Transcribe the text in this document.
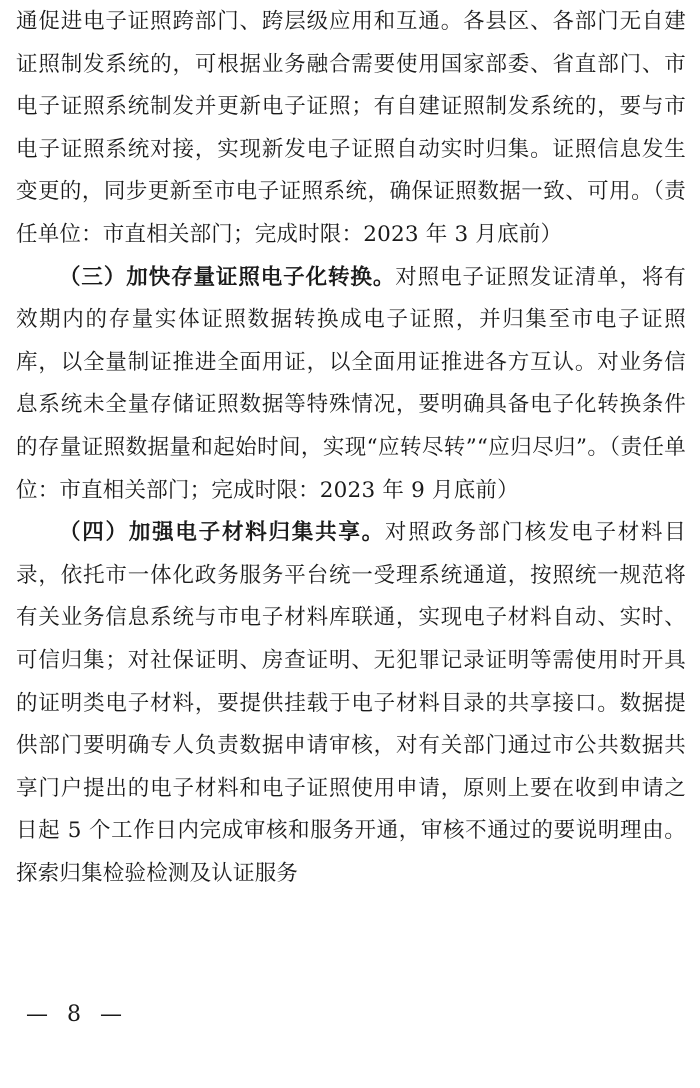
通促进电子证照跨部门、跨层级应用和互通。各县区、各部门无自建证照制发系统的，可根据业务融合需要使用国家部委、省直部门、市电子证照系统制发并更新电子证照；有自建证照制发系统的，要与市电子证照系统对接，实现新发电子证照自动实时归集。证照信息发生变更的，同步更新至市电子证照系统，确保证照数据一致、可用。（责任单位：市直相关部门；完成时限：2023 年 3 月底前）

（三）加快存量证照电子化转换。对照电子证照发证清单，将有效期内的存量实体证照数据转换成电子证照，并归集至市电子证照库，以全量制证推进全面用证，以全面用证推进各方互认。对业务信息系统未全量存储证照数据等特殊情况，要明确具备电子化转换条件的存量证照数据量和起始时间，实现“应转尽转”“应归尽归”。（责任单位：市直相关部门；完成时限：2023 年 9 月底前）

（四）加强电子材料归集共享。对照政务部门核发电子材料目录，依托市一体化政务服务平台统一受理系统通道，按照统一规范将有关业务信息系统与市电子材料库联通，实现电子材料自动、实时、可信归集；对社保证明、房查证明、无犯罪记录证明等需使用时开具的证明类电子材料，要提供挂载于电子材料目录的共享接口。数据提供部门要明确专人负责数据申请审核，对有关部门通过市公共数据共享门户提出的电子材料和电子证照使用申请，原则上要在收到申请之日起 5 个工作日内完成审核和服务开通，审核不通过的要说明理由。探索归集检验检测及认证服务

— 8 —
